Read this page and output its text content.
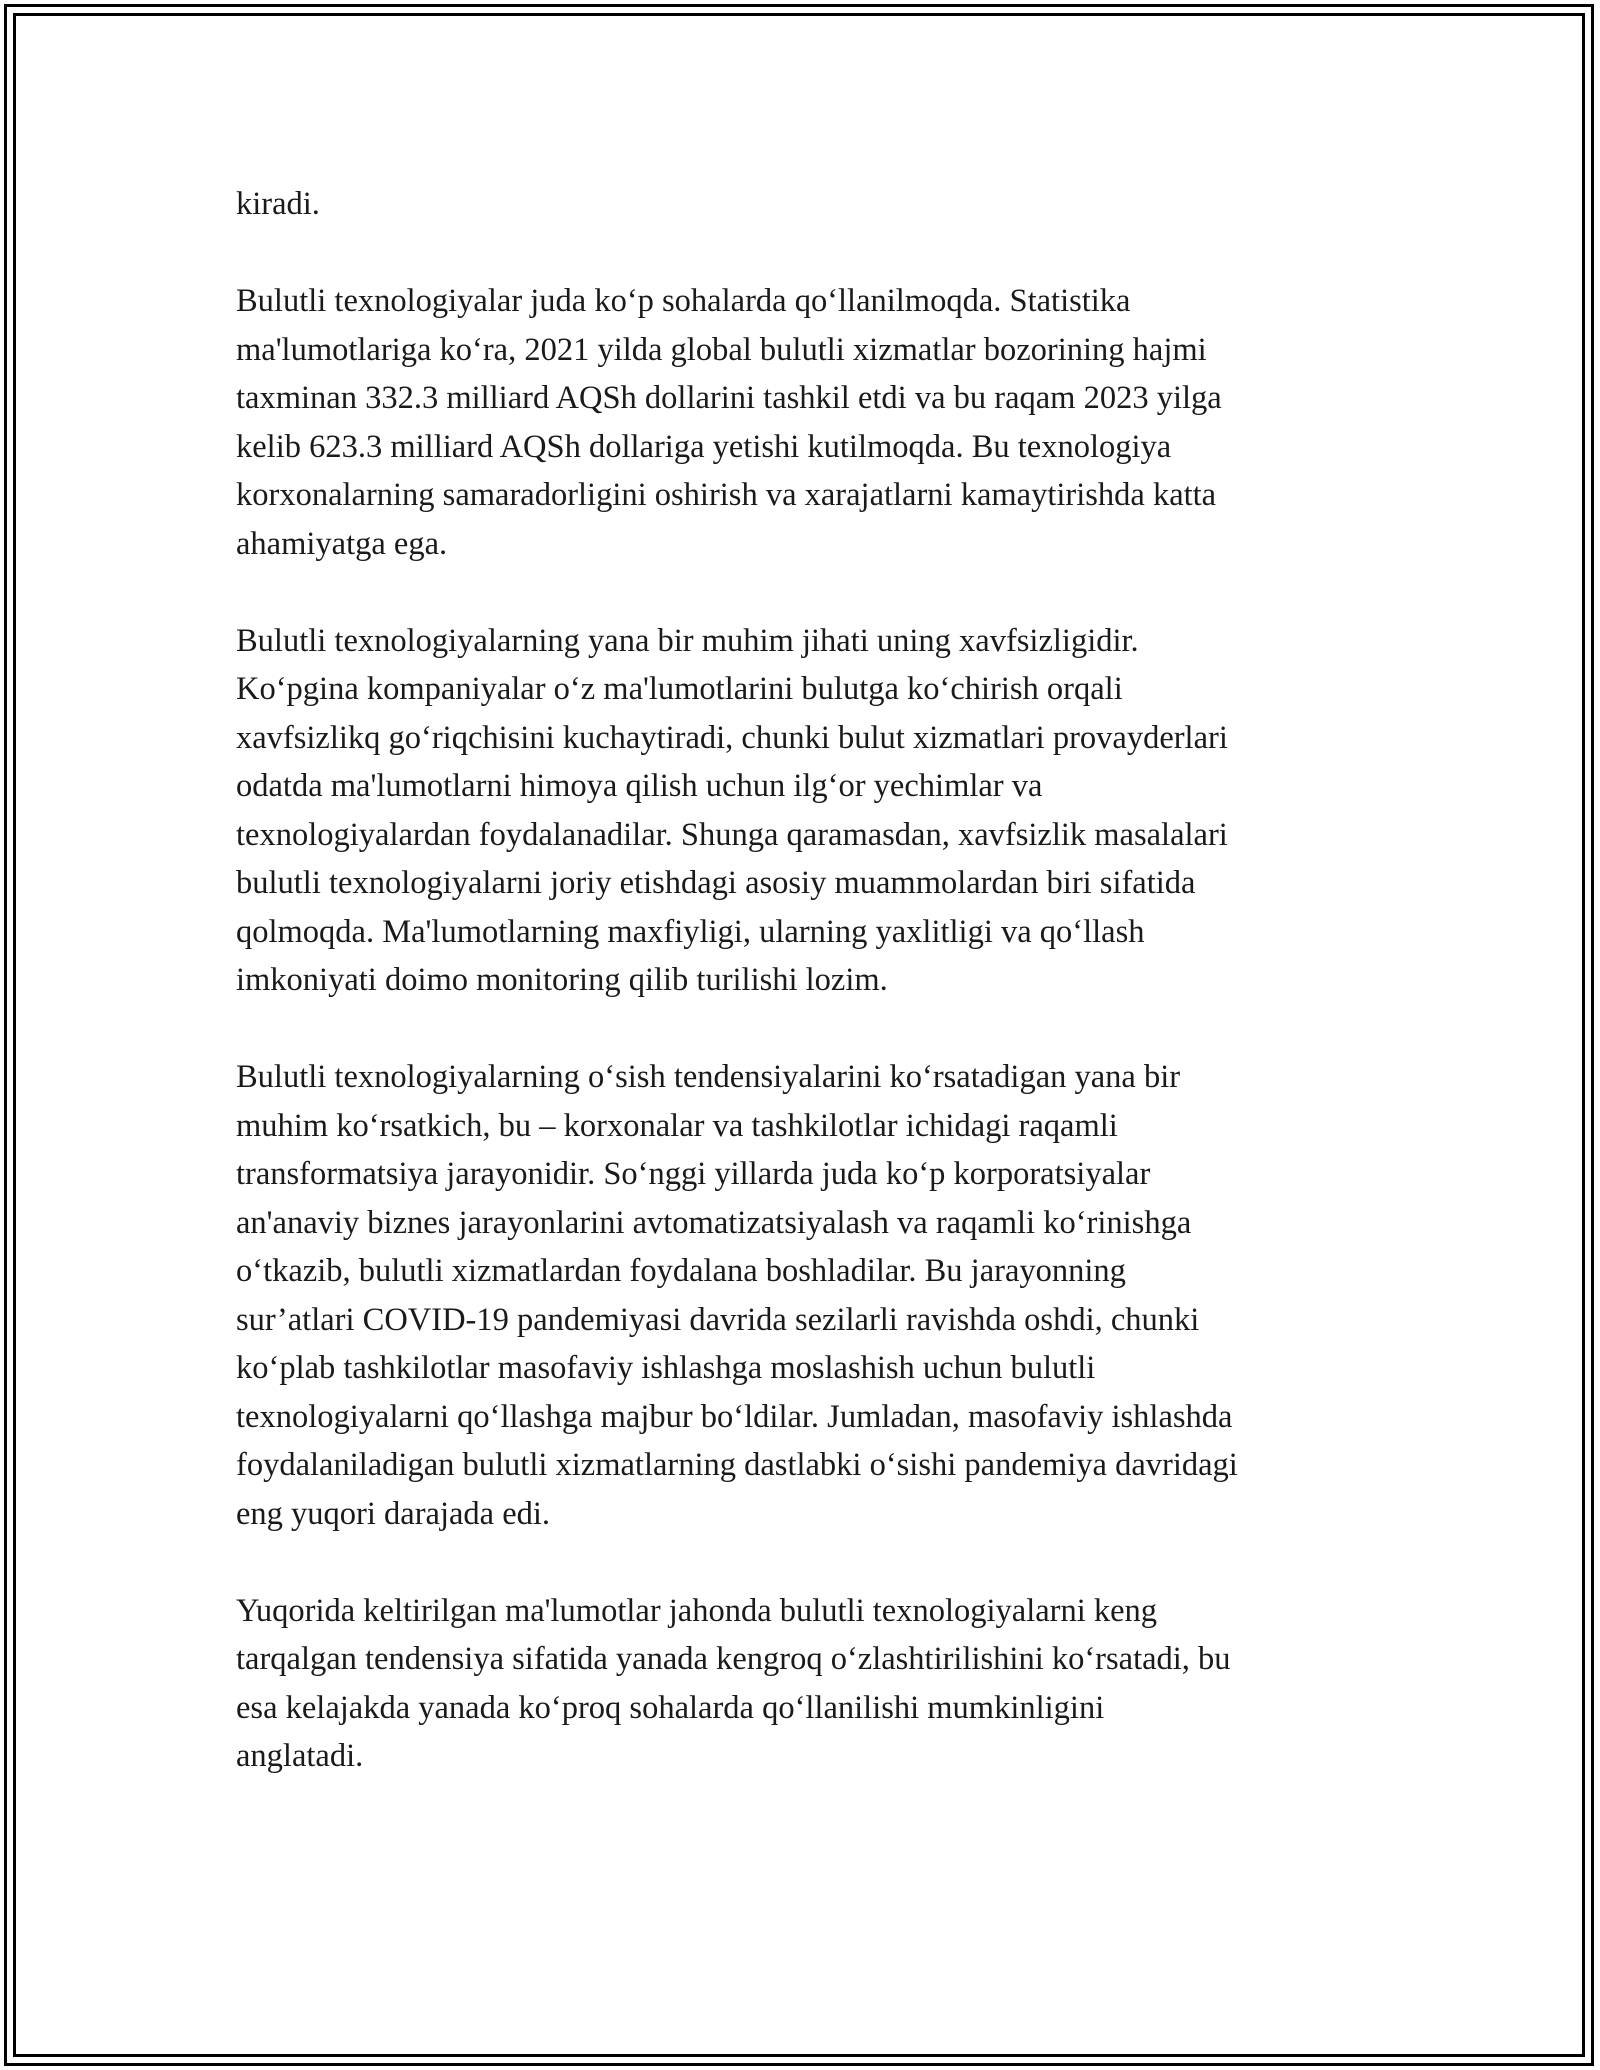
kiradi.

Bulutli texnologiyalar juda ko‘p sohalarda qo‘llanilmoqda. Statistika
ma'lumotlariga ko‘ra, 2021 yilda global bulutli xizmatlar bozorining hajmi
taxminan 332.3 milliard AQSh dollarini tashkil etdi va bu raqam 2023 yilga
kelib 623.3 milliard AQSh dollariga yetishi kutilmoqda. Bu texnologiya
korxonalarning samaradorligini oshirish va xarajatlarni kamaytirishda katta
ahamiyatga ega.

Bulutli texnologiyalarning yana bir muhim jihati uning xavfsizligidir.
Ko‘pgina kompaniyalar o‘z ma'lumotlarini bulutga ko‘chirish orqali
xavfsizlikq go‘riqchisini kuchaytiradi, chunki bulut xizmatlari provayderlari
odatda ma'lumotlarni himoya qilish uchun ilg‘or yechimlar va
texnologiyalardan foydalanadilar. Shunga qaramasdan, xavfsizlik masalalari
bulutli texnologiyalarni joriy etishdagi asosiy muammolardan biri sifatida
qolmoqda. Ma'lumotlarning maxfiyligi, ularning yaxlitligi va qo‘llash
imkoniyati doimo monitoring qilib turilishi lozim.

Bulutli texnologiyalarning o‘sish tendensiyalarini ko‘rsatadigan yana bir
muhim ko‘rsatkich, bu – korxonalar va tashkilotlar ichidagi raqamli
transformatsiya jarayonidir. So‘nggi yillarda juda ko‘p korporatsiyalar
an'anaviy biznes jarayonlarini avtomatizatsiyalash va raqamli ko‘rinishga
o‘tkazib, bulutli xizmatlardan foydalana boshladilar. Bu jarayonning
sur’atlari COVID-19 pandemiyasi davrida sezilarli ravishda oshdi, chunki
ko‘plab tashkilotlar masofaviy ishlashga moslashish uchun bulutli
texnologiyalarni qo‘llashga majbur bo‘ldilar. Jumladan, masofaviy ishlashda
foydalaniladigan bulutli xizmatlarning dastlabki o‘sishi pandemiya davridagi
eng yuqori darajada edi.

Yuqorida keltirilgan ma'lumotlar jahonda bulutli texnologiyalarni keng
tarqalgan tendensiya sifatida yanada kengroq o‘zlashtirilishini ko‘rsatadi, bu
esa kelajakda yanada ko‘proq sohalarda qo‘llanilishi mumkinligini
anglatadi.
